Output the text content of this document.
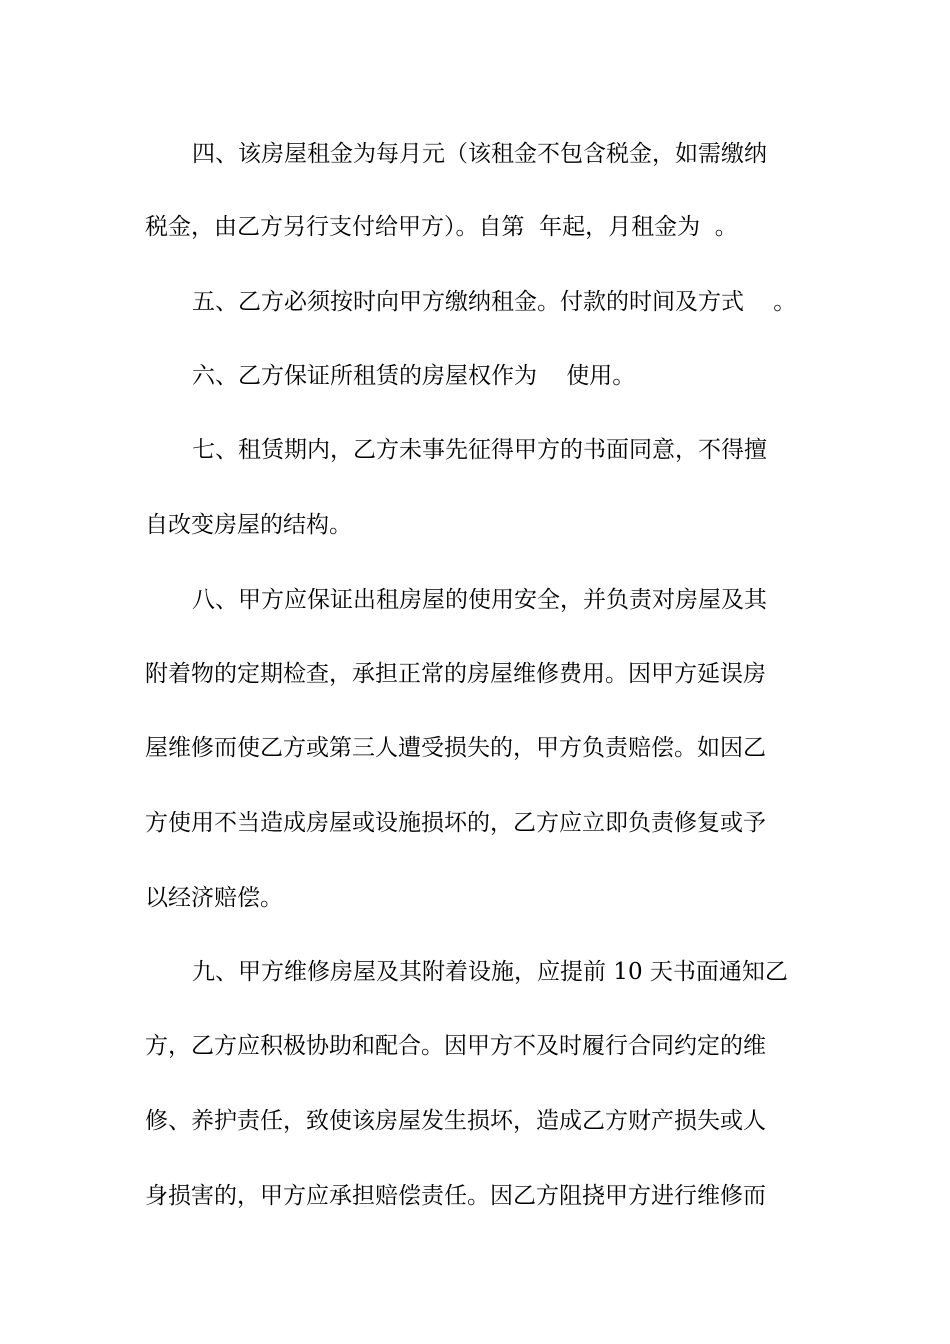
四、该房屋租金为每月元（该租金不包含税金，如需缴纳

税金，由乙方另行支付给甲方）。自第  年起，月租金为  。

五、乙方必须按时向甲方缴纳租金。付款的时间及方式    。

六、乙方保证所租赁的房屋权作为    使用。

七、租赁期内，乙方未事先征得甲方的书面同意，不得擅

自改变房屋的结构。

八、甲方应保证出租房屋的使用安全，并负责对房屋及其

附着物的定期检查，承担正常的房屋维修费用。因甲方延误房

屋维修而使乙方或第三人遭受损失的，甲方负责赔偿。如因乙

方使用不当造成房屋或设施损坏的，乙方应立即负责修复或予

以经济赔偿。

九、甲方维修房屋及其附着设施，应提前 10 天书面通知乙

方，乙方应积极协助和配合。因甲方不及时履行合同约定的维

修、养护责任，致使该房屋发生损坏，造成乙方财产损失或人

身损害的，甲方应承担赔偿责任。因乙方阻挠甲方进行维修而
